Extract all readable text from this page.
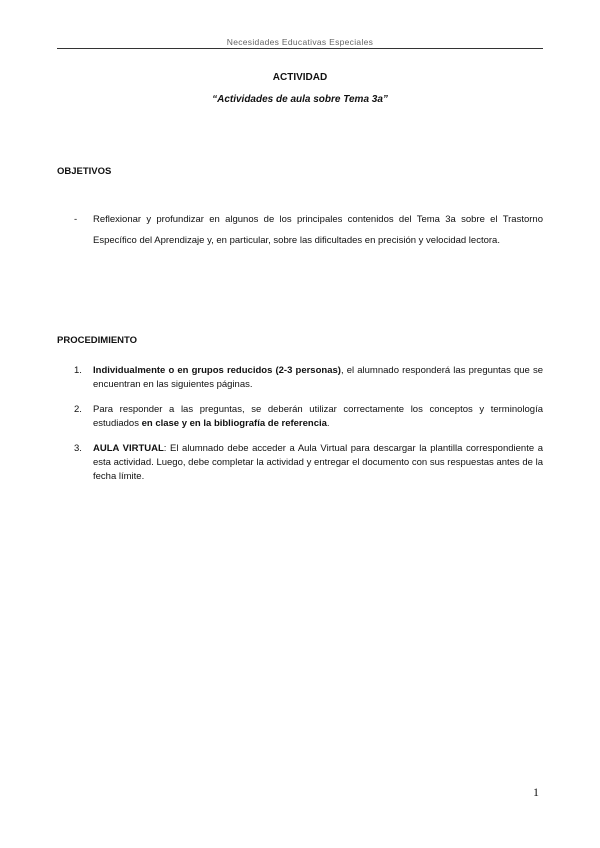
Necesidades Educativas Especiales
ACTIVIDAD
“Actividades de aula sobre Tema 3a”
OBJETIVOS
- Reflexionar y profundizar en algunos de los principales contenidos del Tema 3a sobre el Trastorno Específico del Aprendizaje y, en particular, sobre las dificultades en precisión y velocidad lectora.
PROCEDIMIENTO
1. Individualmente o en grupos reducidos (2-3 personas), el alumnado responderá las preguntas que se encuentran en las siguientes páginas.
2. Para responder a las preguntas, se deberán utilizar correctamente los conceptos y terminología estudiados en clase y en la bibliografía de referencia.
3. AULA VIRTUAL: El alumnado debe acceder a Aula Virtual para descargar la plantilla correspondiente a esta actividad. Luego, debe completar la actividad y entregar el documento con sus respuestas antes de la fecha límite.
1
